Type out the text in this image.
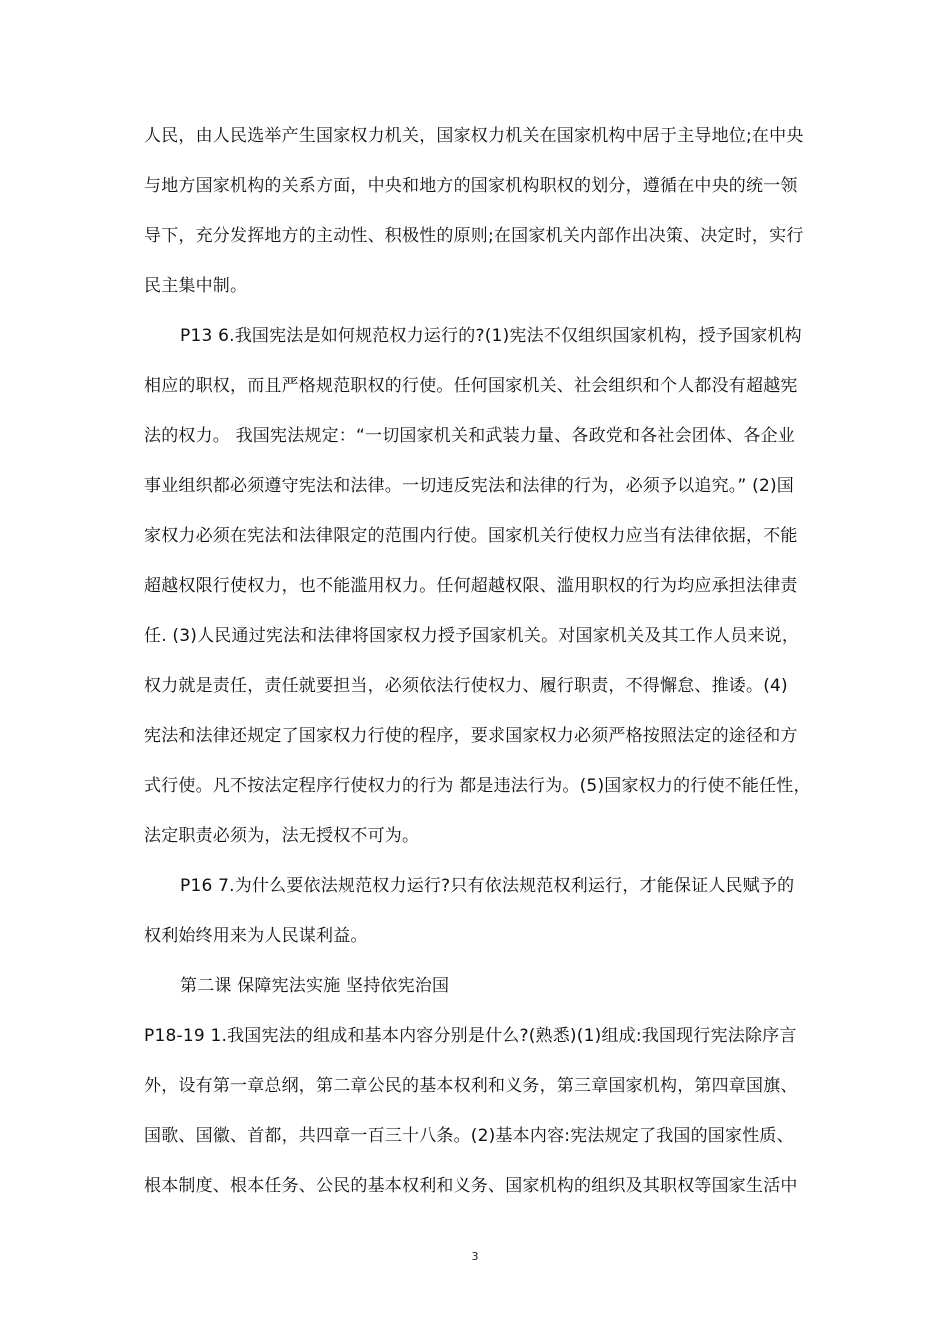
人民，由人民选举产生国家权力机关，国家权力机关在国家机构中居于主导地位;在中央
与地方国家机构的关系方面，中央和地方的国家机构职权的划分，遵循在中央的统一领
导下，充分发挥地方的主动性、积极性的原则;在国家机关内部作出决策、决定时，实行
民主集中制。
P13 6.我国宪法是如何规范权力运行的?(1)宪法不仅组织国家机构，授予国家机构
相应的职权，而且严格规范职权的行使。任何国家机关、社会组织和个人都没有超越宪
法的权力。 我国宪法规定：“一切国家机关和武装力量、各政党和各社会团体、各企业
事业组织都必须遵守宪法和法律。一切违反宪法和法律的行为，必须予以追究。” (2)国
家权力必须在宪法和法律限定的范围内行使。国家机关行使权力应当有法律依据，不能
超越权限行使权力，也不能滥用权力。任何超越权限、滥用职权的行为均应承担法律责
任. (3)人民通过宪法和法律将国家权力授予国家机关。对国家机关及其工作人员来说，
权力就是责任，责任就要担当，必须依法行使权力、履行职责，不得懈怠、推诿。(4)
宪法和法律还规定了国家权力行使的程序，要求国家权力必须严格按照法定的途径和方
式行使。凡不按法定程序行使权力的行为 都是违法行为。(5)国家权力的行使不能任性，
法定职责必须为，法无授权不可为。
P16 7.为什么要依法规范权力运行?只有依法规范权利运行，才能保证人民赋予的
权利始终用来为人民谋利益。
第二课 保障宪法实施 坚持依宪治国
P18-19 1.我国宪法的组成和基本内容分别是什么?(熟悉)(1)组成:我国现行宪法除序言
外，设有第一章总纲，第二章公民的基本权利和义务，第三章国家机构，第四章国旗、
国歌、国徽、首都，共四章一百三十八条。(2)基本内容:宪法规定了我国的国家性质、
根本制度、根本任务、公民的基本权利和义务、国家机构的组织及其职权等国家生活中
3
